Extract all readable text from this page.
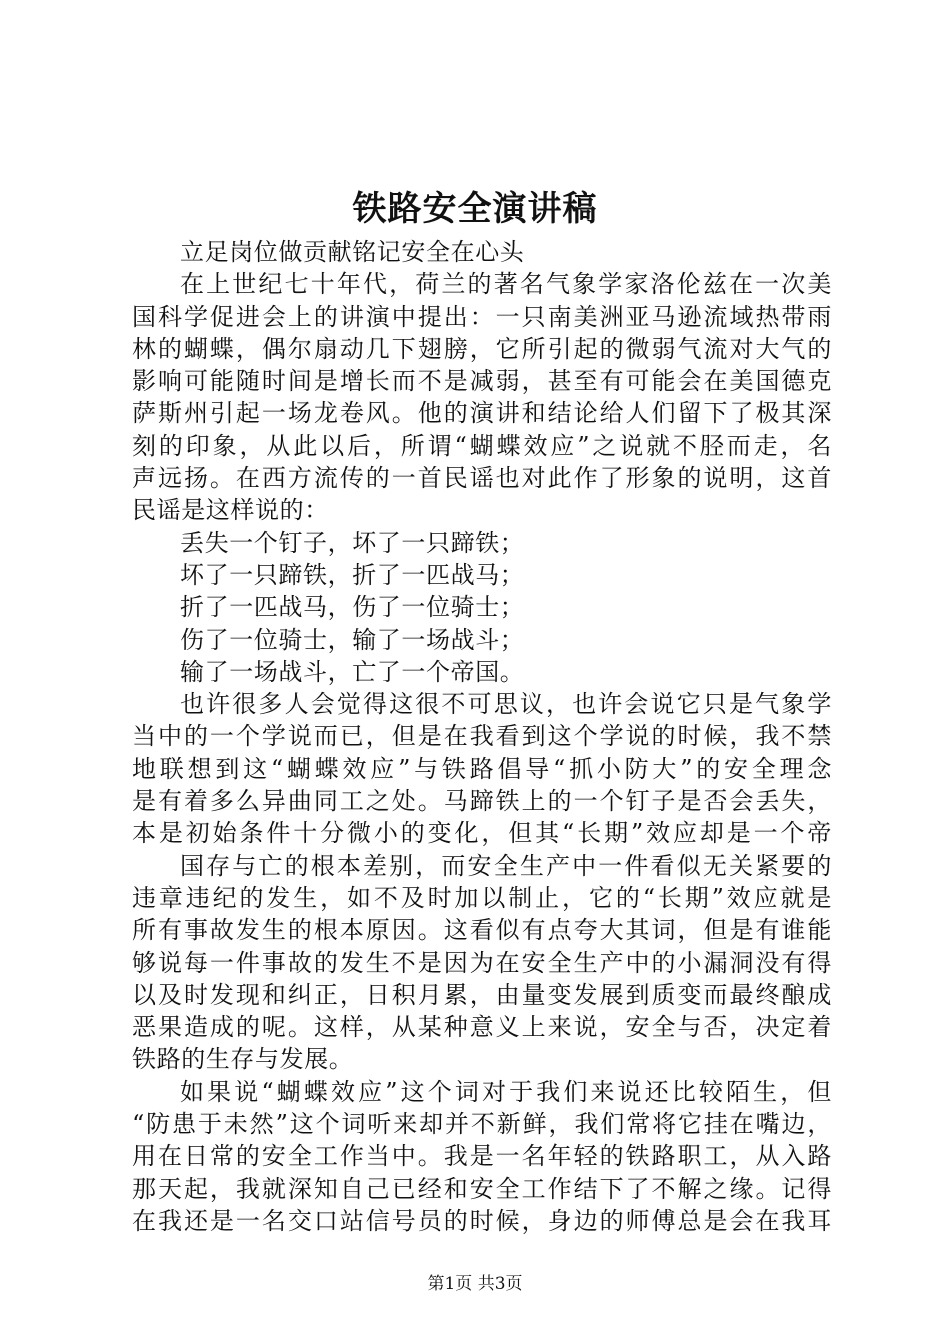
铁路安全演讲稿
立足岗位做贡献铭记安全在心头
在上世纪七十年代，荷兰的著名气象学家洛伦兹在一次美
国科学促进会上的讲演中提出：一只南美洲亚马逊流域热带雨
林的蝴蝶，偶尔扇动几下翅膀，它所引起的微弱气流对大气的
影响可能随时间是增长而不是减弱，甚至有可能会在美国德克
萨斯州引起一场龙卷风。他的演讲和结论给人们留下了极其深
刻的印象，从此以后，所谓“蝴蝶效应”之说就不胫而走，名
声远扬。在西方流传的一首民谣也对此作了形象的说明，这首
民谣是这样说的：
丢失一个钉子，坏了一只蹄铁；
坏了一只蹄铁，折了一匹战马；
折了一匹战马，伤了一位骑士；
伤了一位骑士，输了一场战斗；
输了一场战斗，亡了一个帝国。
也许很多人会觉得这很不可思议，也许会说它只是气象学
当中的一个学说而已，但是在我看到这个学说的时候，我不禁
地联想到这“蝴蝶效应”与铁路倡导“抓小防大”的安全理念
是有着多么异曲同工之处。马蹄铁上的一个钉子是否会丢失，
本是初始条件十分微小的变化，但其“长期”效应却是一个帝
国存与亡的根本差别，而安全生产中一件看似无关紧要的
违章违纪的发生，如不及时加以制止，它的“长期”效应就是
所有事故发生的根本原因。这看似有点夸大其词，但是有谁能
够说每一件事故的发生不是因为在安全生产中的小漏洞没有得
以及时发现和纠正，日积月累，由量变发展到质变而最终酿成
恶果造成的呢。这样，从某种意义上来说，安全与否，决定着
铁路的生存与发展。
如果说“蝴蝶效应”这个词对于我们来说还比较陌生，但
“防患于未然”这个词听来却并不新鲜，我们常将它挂在嘴边，
用在日常的安全工作当中。我是一名年轻的铁路职工，从入路
那天起，我就深知自己已经和安全工作结下了不解之缘。记得
在我还是一名交口站信号员的时候，身边的师傅总是会在我耳
第1页 共3页
